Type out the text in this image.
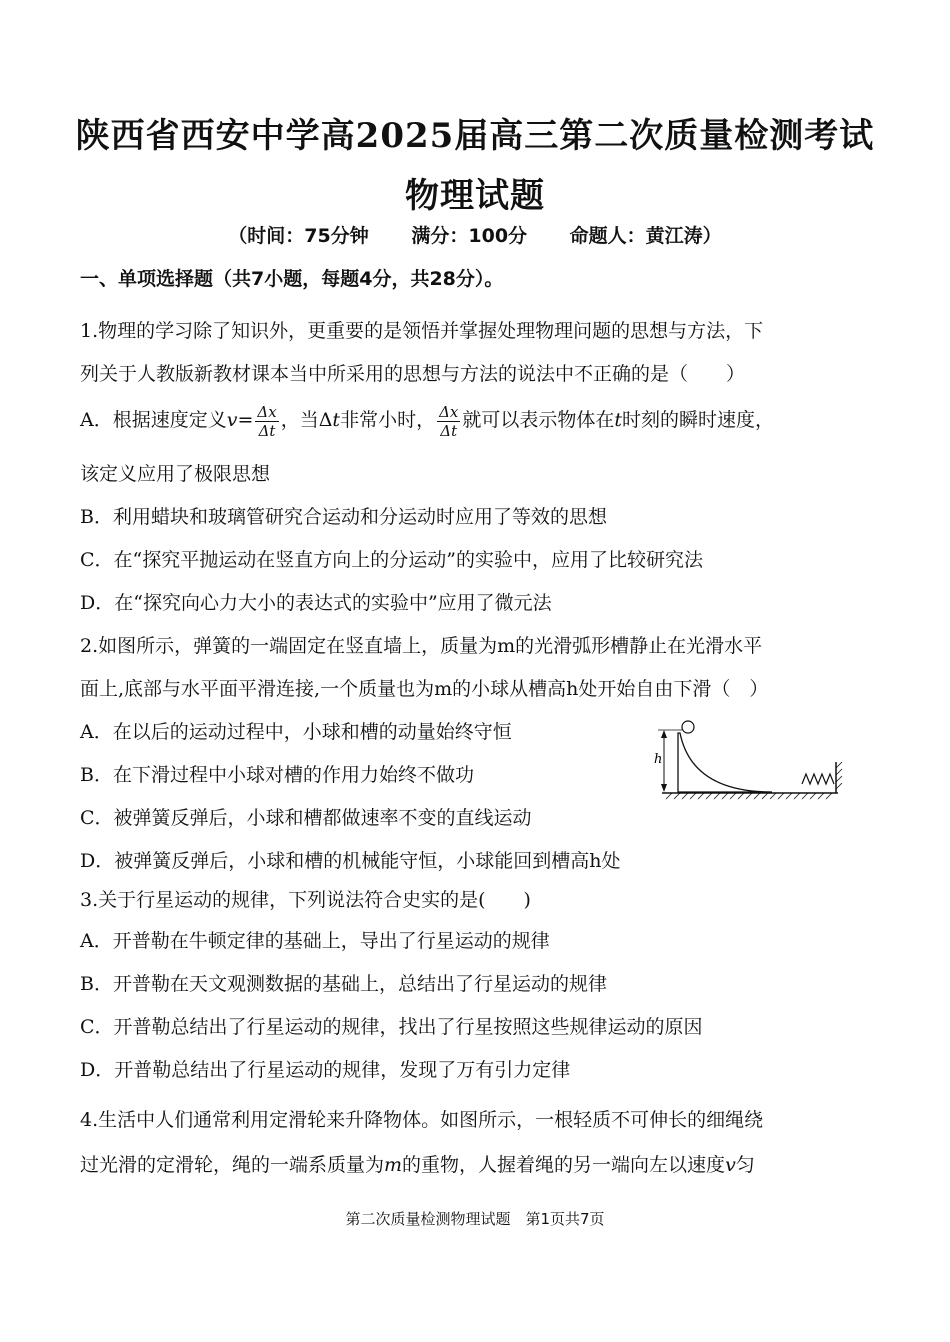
陕西省西安中学高2025届高三第二次质量检测考试
物理试题
（时间：75分钟 满分：100分 命题人：黄江涛）
一、单项选择题（共7小题，每题4分，共28分）。
1.物理的学习除了知识外，更重要的是领悟并掌握处理物理问题的思想与方法，下
列关于人教版新教材课本当中所采用的思想与方法的说法中不正确的是（　　）
A．根据速度定义$v= \frac{\Delta x}{\Delta t}$ ，当Δt非常小时， $\frac{\Delta x}{\Delta t}$ 就可以表示物体在t时刻的瞬时速度，
该定义应用了极限思想
B．利用蜡块和玻璃管研究合运动和分运动时应用了等效的思想
C．在“探究平抛运动在竖直方向上的分运动”的实验中，应用了比较研究法
D．在“探究向心力大小的表达式的实验中”应用了微元法
2.如图所示，弹簧的一端固定在竖直墙上，质量为m的光滑弧形槽静止在光滑水平
面上,底部与水平面平滑连接,一个质量也为m的小球从槽高h处开始自由下滑（　）
A．在以后的运动过程中，小球和槽的动量始终守恒
B．在下滑过程中小球对槽的作用力始终不做功
C．被弹簧反弹后，小球和槽都做速率不变的直线运动
D．被弹簧反弹后，小球和槽的机械能守恒，小球能回到槽高h处
h
3.关于行星运动的规律，下列说法符合史实的是(　　)
A．开普勒在牛顿定律的基础上，导出了行星运动的规律
B．开普勒在天文观测数据的基础上，总结出了行星运动的规律
C．开普勒总结出了行星运动的规律，找出了行星按照这些规律运动的原因
D．开普勒总结出了行星运动的规律，发现了万有引力定律
4.生活中人们通常利用定滑轮来升降物体。如图所示，一根轻质不可伸长的细绳绕
过光滑的定滑轮，绳的一端系质量为m的重物，人握着绳的另一端向左以速度v匀
第二次质量检测物理试题　第1页共7页
